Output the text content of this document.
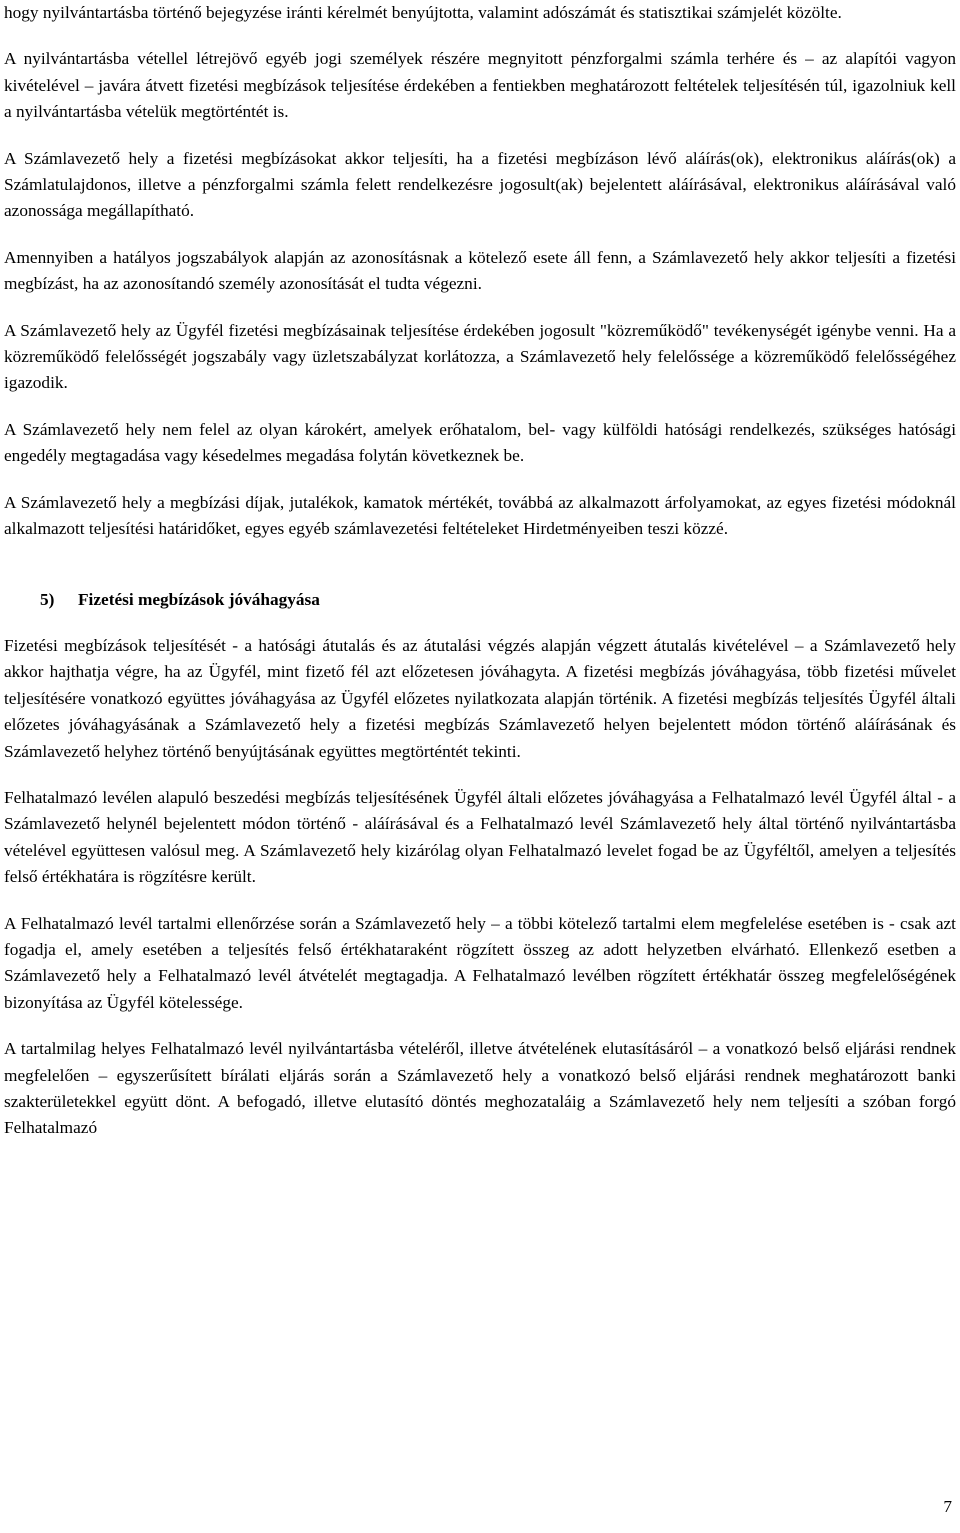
hogy nyilvántartásba történő bejegyzése iránti kérelmét benyújtotta, valamint adószámát és statisztikai számjelét közölte.

A nyilvántartásba vétellel létrejövő egyéb jogi személyek részére megnyitott pénzforgalmi számla terhére és – az alapítói vagyon kivételével – javára átvett fizetési megbízások teljesítése érdekében a fentiekben meghatározott feltételek teljesítésén túl, igazolniuk kell a nyilvántartásba vételük megtörténtét is.

A Számlavezető hely a fizetési megbízásokat akkor teljesíti, ha a fizetési megbízáson lévő aláírás(ok), elektronikus aláírás(ok) a Számlatulajdonos, illetve a pénzforgalmi számla felett rendelkezésre jogosult(ak) bejelentett aláírásával, elektronikus aláírásával való azonossága megállapítható.

Amennyiben a hatályos jogszabályok alapján az azonosításnak a kötelező esete áll fenn, a Számlavezető hely akkor teljesíti a fizetési megbízást, ha az azonosítandó személy azonosítását el tudta végezni.

A Számlavezető hely az Ügyfél fizetési megbízásainak teljesítése érdekében jogosult "közreműködő" tevékenységét igénybe venni. Ha a közreműködő felelősségét jogszabály vagy üzletszabályzat korlátozza, a Számlavezető hely felelőssége a közreműködő felelősségéhez igazodik.

A Számlavezető hely nem felel az olyan károkért, amelyek erőhatalom, bel- vagy külföldi hatósági rendelkezés, szükséges hatósági engedély megtagadása vagy késedelmes megadása folytán következnek be.

A Számlavezető hely a megbízási díjak, jutalékok, kamatok mértékét, továbbá az alkalmazott árfolyamokat, az egyes fizetési módoknál alkalmazott teljesítési határidőket, egyes egyéb számlavezetési feltételeket Hirdetményeiben teszi közzé.

5) Fizetési megbízások jóváhagyása

Fizetési megbízások teljesítését - a hatósági átutalás és az átutalási végzés alapján végzett átutalás kivételével – a Számlavezető hely akkor hajthatja végre, ha az Ügyfél, mint fizető fél azt előzetesen jóváhagyta. A fizetési megbízás jóváhagyása, több fizetési művelet teljesítésére vonatkozó együttes jóváhagyása az Ügyfél előzetes nyilatkozata alapján történik. A fizetési megbízás teljesítés Ügyfél általi előzetes jóváhagyásának a Számlavezető hely a fizetési megbízás Számlavezető helyen bejelentett módon történő aláírásának és Számlavezető helyhez történő benyújtásának együttes megtörténtét tekinti.

Felhatalmazó levélen alapuló beszedési megbízás teljesítésének Ügyfél általi előzetes jóváhagyása a Felhatalmazó levél Ügyfél által - a Számlavezető helynél bejelentett módon történő - aláírásával és a Felhatalmazó levél Számlavezető hely által történő nyilvántartásba vételével együttesen valósul meg. A Számlavezető hely kizárólag olyan Felhatalmazó levelet fogad be az Ügyféltől, amelyen a teljesítés felső értékhatára is rögzítésre került.

A Felhatalmazó levél tartalmi ellenőrzése során a Számlavezető hely – a többi kötelező tartalmi elem megfelelése esetében is - csak azt fogadja el, amely esetében a teljesítés felső értékhataraként rögzített összeg az adott helyzetben elvárható. Ellenkező esetben a Számlavezető hely a Felhatalmazó levél átvételét megtagadja. A Felhatalmazó levélben rögzített értékhatár összeg megfelelőségének bizonyítása az Ügyfél kötelessége.

A tartalmilag helyes Felhatalmazó levél nyilvántartásba vételéről, illetve átvételének elutasításáról – a vonatkozó belső eljárási rendnek megfelelően – egyszerűsített bírálati eljárás során a Számlavezető hely a vonatkozó belső eljárási rendnek meghatározott banki szakterületekkel együtt dönt. A befogadó, illetve elutasító döntés meghozataláig a Számlavezető hely nem teljesíti a szóban forgó Felhatalmazó

7
